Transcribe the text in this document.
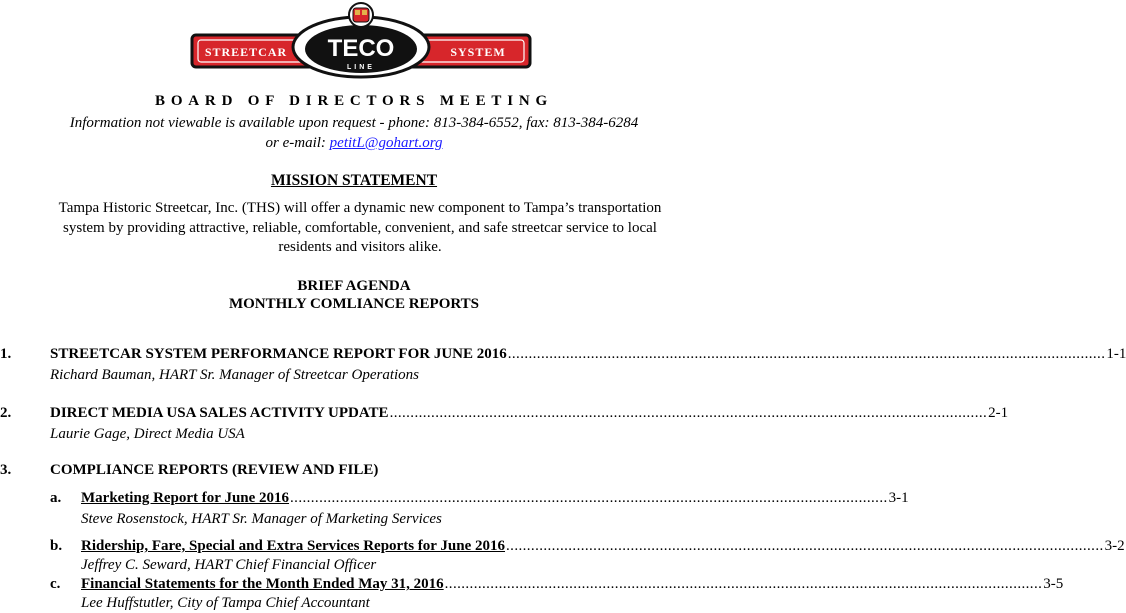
STREETCAR	SYSTEM
TECO
LINE
BOARD OF DIRECTORS MEETING
Information not viewable is available upon request - phone: 813-384-6552, fax: 813-384-6284
or e-mail: petitL@gohart.org
MISSION STATEMENT
Tampa Historic Streetcar, Inc. (THS) will offer a dynamic new component to Tampa’s transportation system by providing attractive, reliable, comfortable, convenient, and safe streetcar service to local residents and visitors alike.
BRIEF AGENDA
MONTHLY COMLIANCE REPORTS
1.	STREETCAR SYSTEM PERFORMANCE REPORT FOR JUNE 2016 ................................................................................................................................................ 1-1
Richard Bauman, HART Sr. Manager of Streetcar Operations
2.	DIRECT MEDIA USA SALES ACTIVITY UPDATE ................................................................................................................................................ 2-1
Laurie Gage, Direct Media USA
3.	COMPLIANCE REPORTS (REVIEW AND FILE)
a. Marketing Report for June 2016 ................................................................................................................................................ 3-1
Steve Rosenstock, HART Sr. Manager of Marketing Services
b. Ridership, Fare, Special and Extra Services Reports for June 2016 ................................................................................................................................................ 3-2
Jeffrey C. Seward, HART Chief Financial Officer
c. Financial Statements for the Month Ended May 31, 2016 ................................................................................................................................................ 3-5
Lee Huffstutler, City of Tampa Chief Accountant
